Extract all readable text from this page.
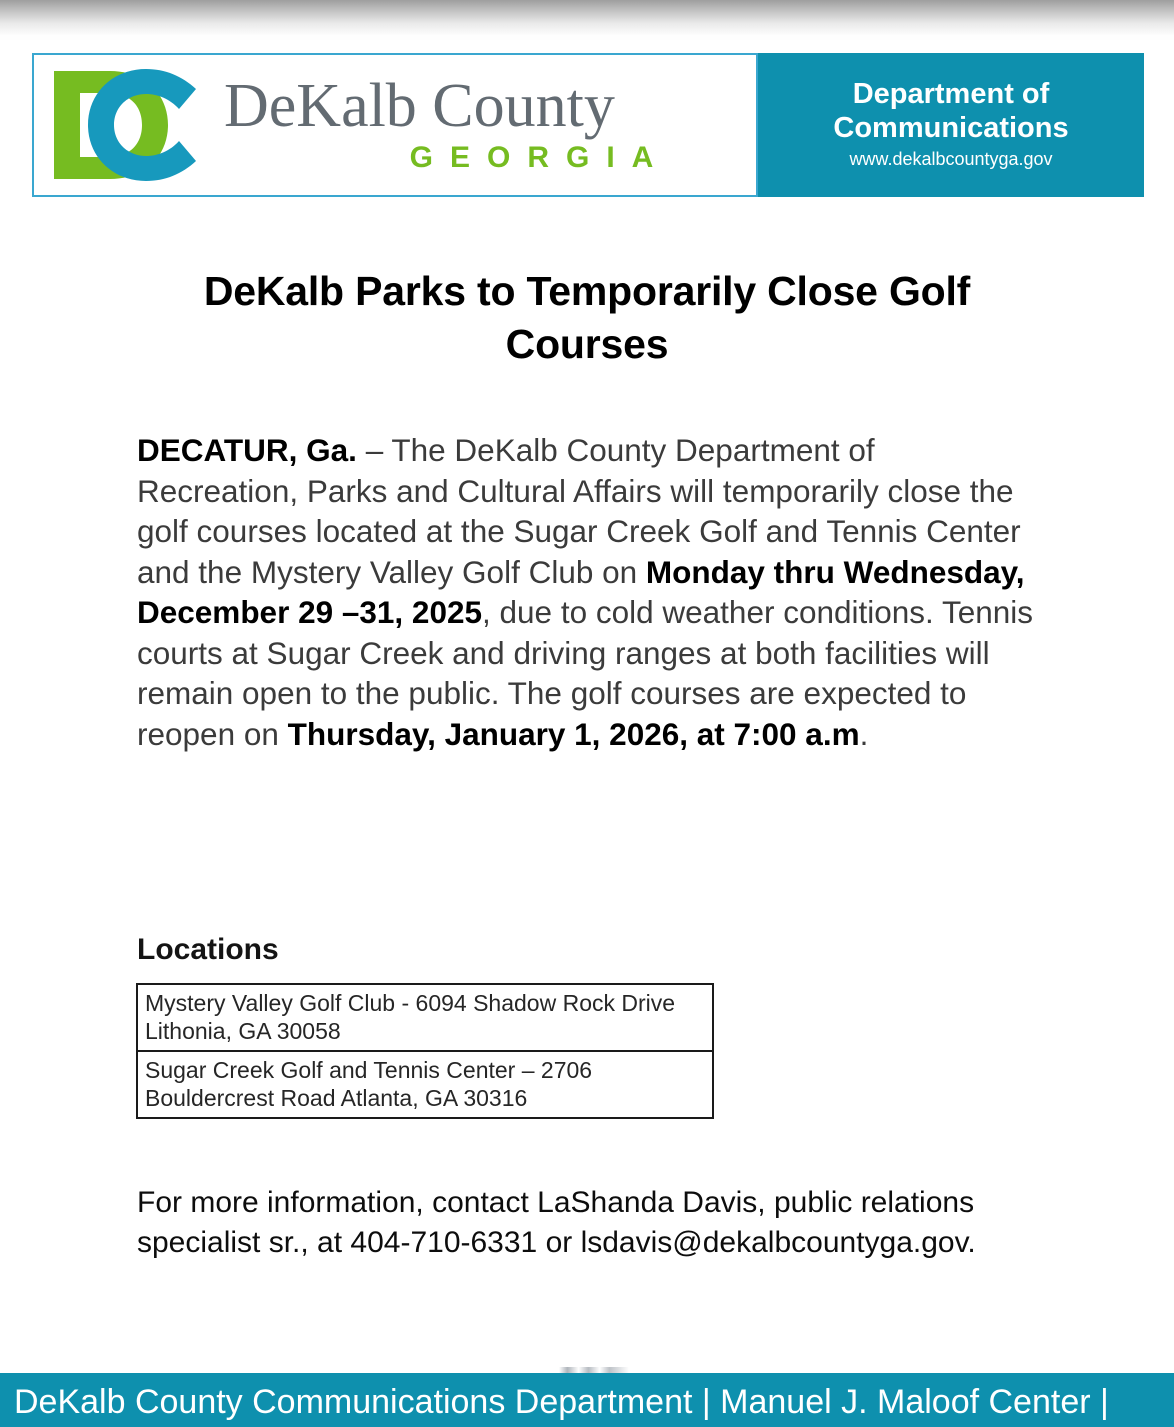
DeKalb County
GEORGIA
Department of
Communications
www.dekalbcountyga.gov
DeKalb Parks to Temporarily Close Golf Courses
DECATUR, Ga. – The DeKalb County Department of Recreation, Parks and Cultural Affairs will temporarily close the golf courses located at the Sugar Creek Golf and Tennis Center and the Mystery Valley Golf Club on Monday thru Wednesday, December 29 –31, 2025, due to cold weather conditions. Tennis courts at Sugar Creek and driving ranges at both facilities will remain open to the public. The golf courses are expected to reopen on Thursday, January 1, 2026, at 7:00 a.m.
Locations
Mystery Valley Golf Club - 6094 Shadow Rock Drive Lithonia, GA 30058
Sugar Creek Golf and Tennis Center – 2706 Bouldercrest Road Atlanta, GA 30316
For more information, contact LaShanda Davis, public relations specialist sr., at 404-710-6331 or lsdavis@dekalbcountyga.gov.
DeKalb County Communications Department | Manuel J. Maloof Center |
